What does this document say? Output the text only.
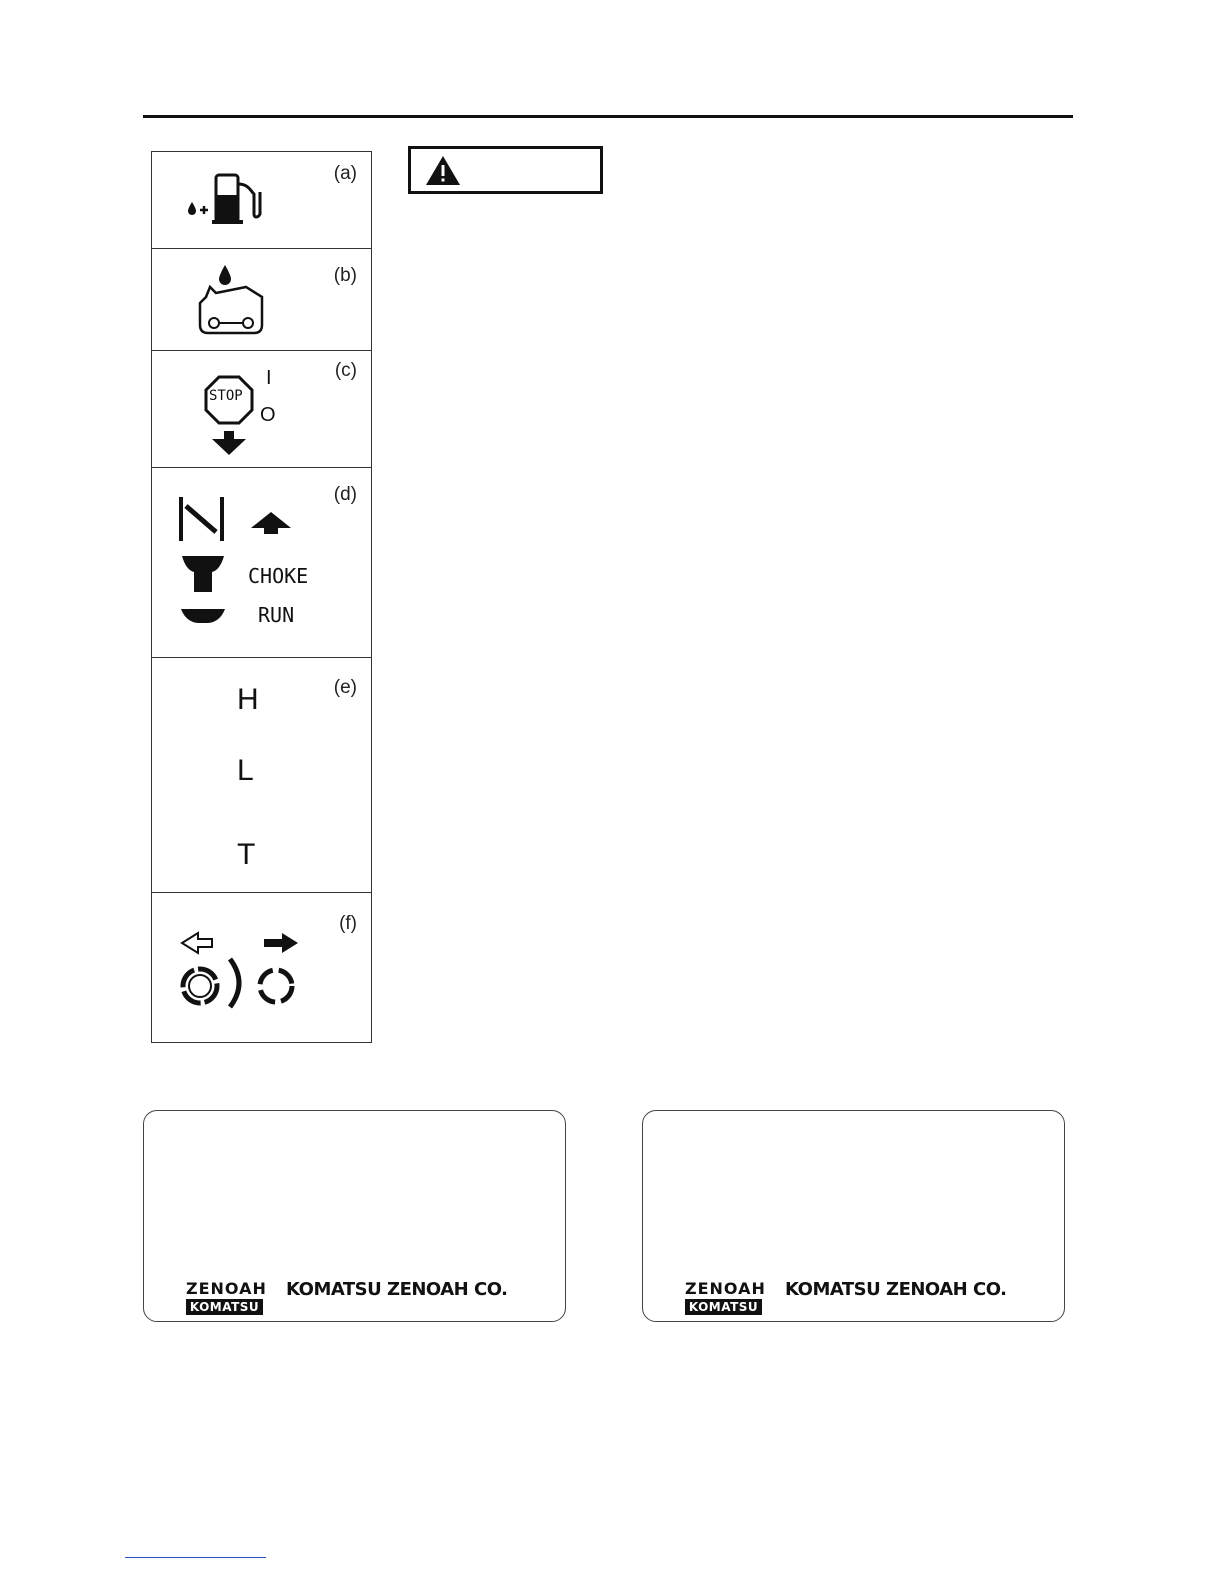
(a)
(b)
(c)
STOP
I
O
(d)
CHOKE
RUN
(e)
H
L
T
(f)
ZENOAH
KOMATSU
KOMATSU ZENOAH CO.	ZENOAH
KOMATSU
KOMATSU ZENOAH CO.
